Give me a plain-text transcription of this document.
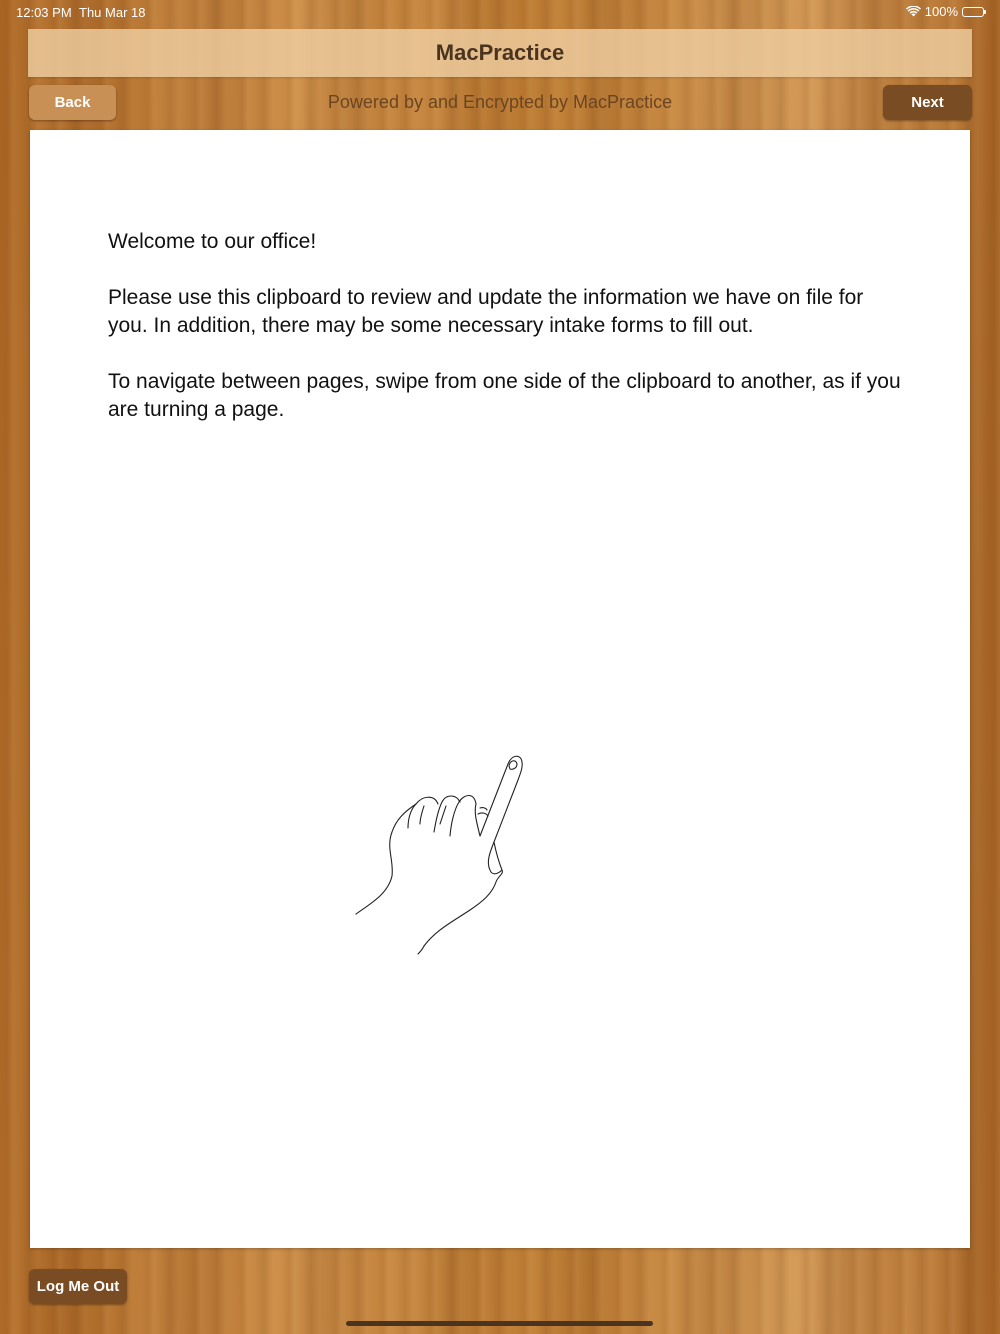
12:03 PM Thu Mar 18	100%
MacPractice
Back	Powered by and Encrypted by MacPractice	Next

Welcome to our office!

Please use this clipboard to review and update the information we have on file for you. In addition, there may be some necessary intake forms to fill out.

To navigate between pages, swipe from one side of the clipboard to another, as if you are turning a page.

Log Me Out
